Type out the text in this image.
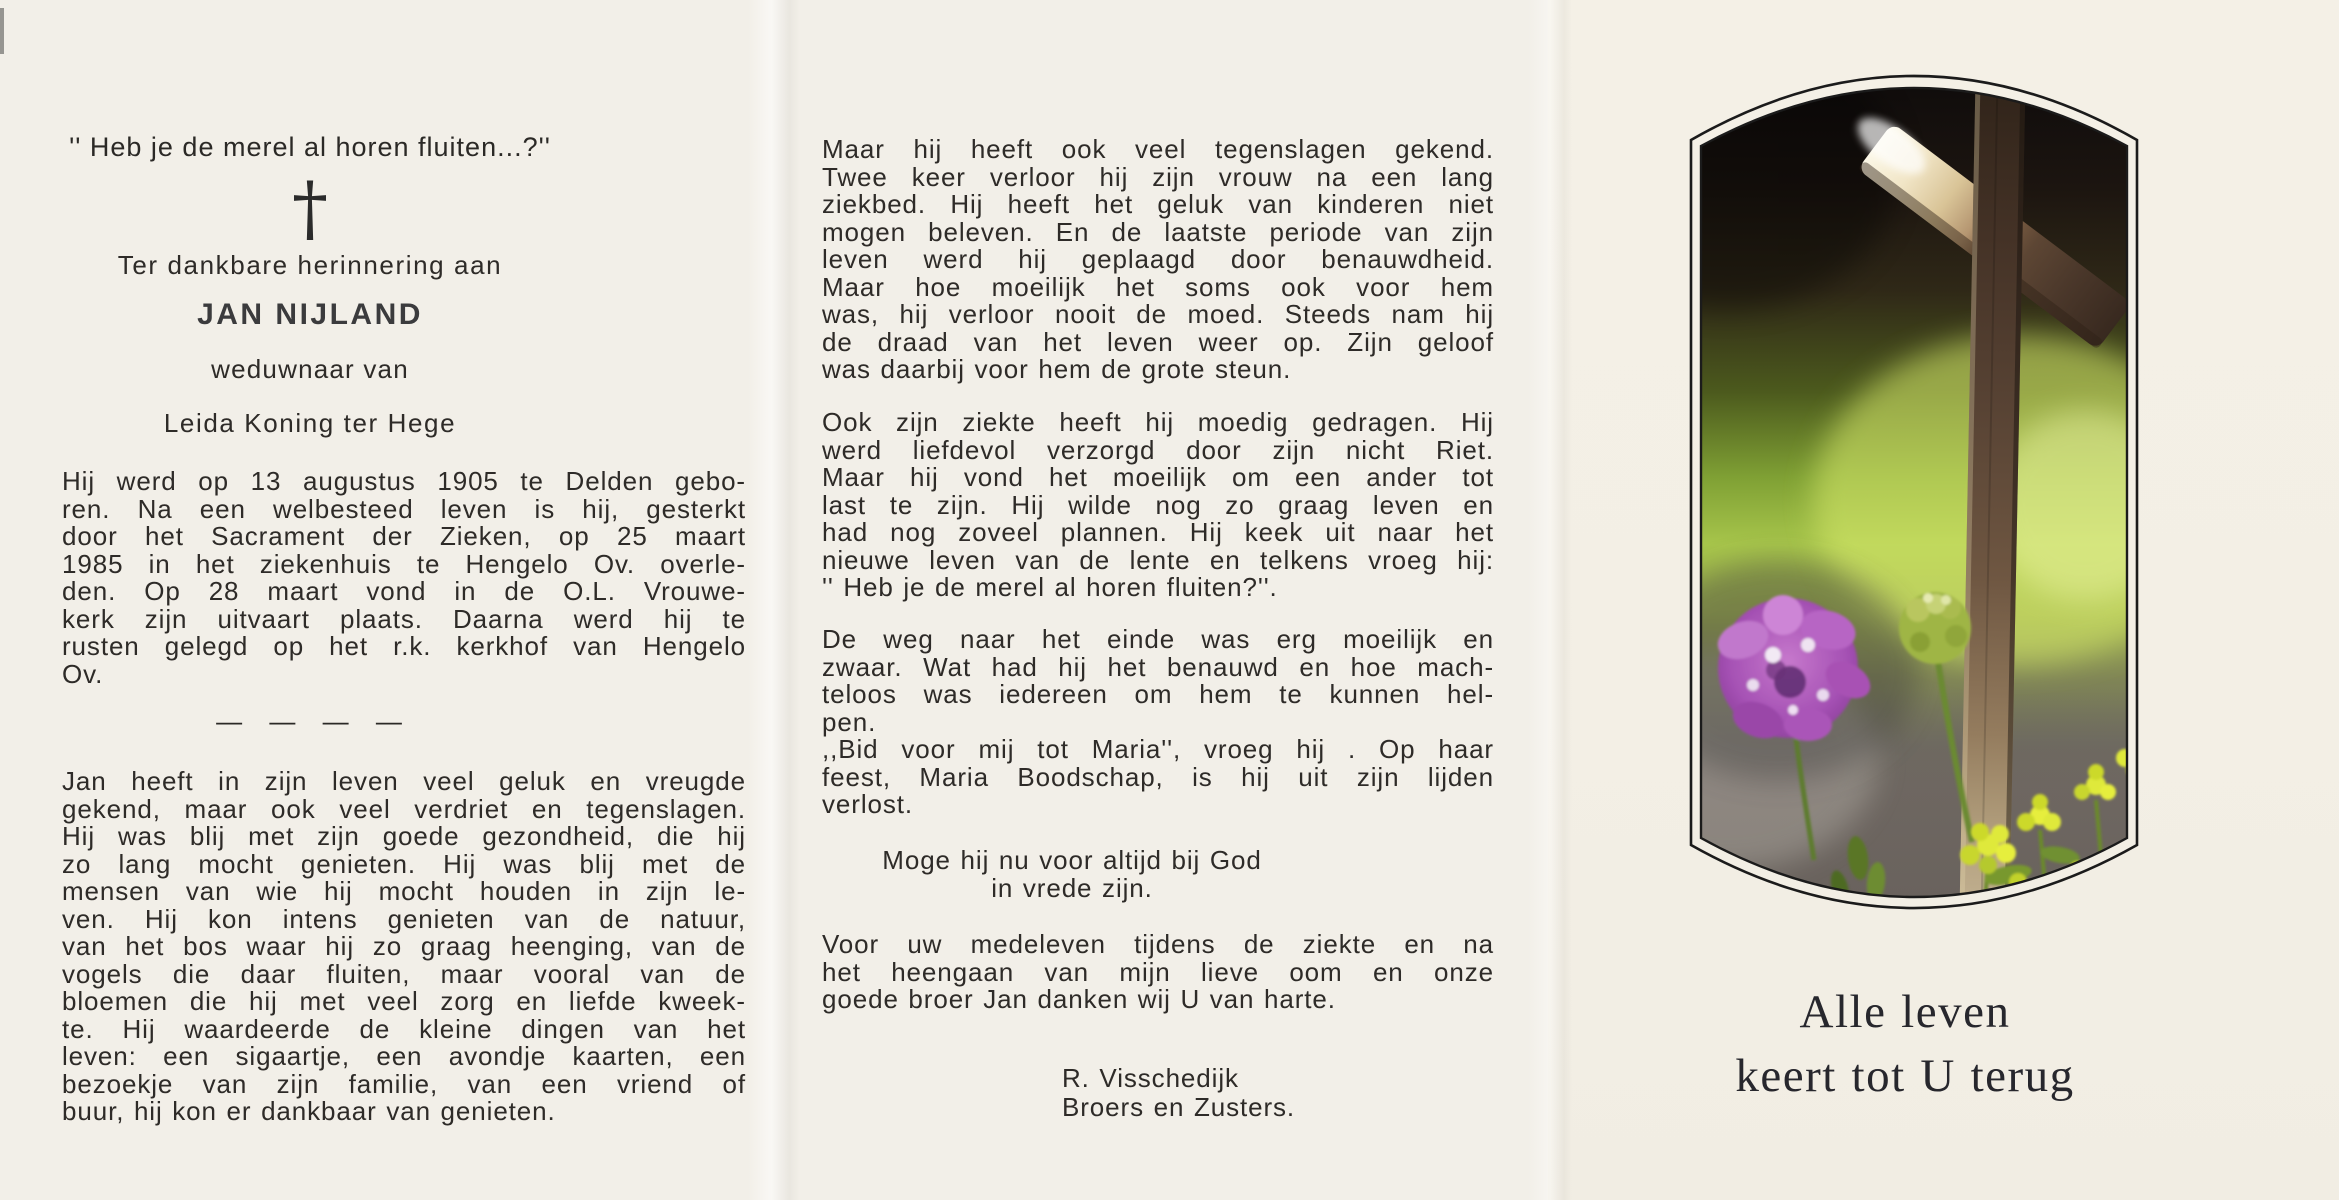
'' Heb je de merel al horen fluiten...?''
†
Ter dankbare herinnering aan
JAN NIJLAND
weduwnaar van
Leida Koning ter Hege
Hij werd op 13 augustus 1905 te Delden gebo-
ren. Na een welbesteed leven is hij, gesterkt
door het Sacrament der Zieken, op 25 maart
1985 in het ziekenhuis te Hengelo Ov. overle-
den. Op 28 maart vond in de O.L. Vrouwe-
kerk zijn uitvaart plaats. Daarna werd hij te
rusten gelegd op het r.k. kerkhof van Hengelo
Ov.
— — — —
Jan heeft in zijn leven veel geluk en vreugde
gekend, maar ook veel verdriet en tegenslagen.
Hij was blij met zijn goede gezondheid, die hij
zo lang mocht genieten. Hij was blij met de
mensen van wie hij mocht houden in zijn le-
ven. Hij kon intens genieten van de natuur,
van het bos waar hij zo graag heenging, van de
vogels die daar fluiten, maar vooral van de
bloemen die hij met veel zorg en liefde kweek-
te. Hij waardeerde de kleine dingen van het
leven: een sigaartje, een avondje kaarten, een
bezoekje van zijn familie, van een vriend of
buur, hij kon er dankbaar van genieten.
Maar hij heeft ook veel tegenslagen gekend.
Twee keer verloor hij zijn vrouw na een lang
ziekbed. Hij heeft het geluk van kinderen niet
mogen beleven. En de laatste periode van zijn
leven werd hij geplaagd door benauwdheid.
Maar hoe moeilijk het soms ook voor hem
was, hij verloor nooit de moed. Steeds nam hij
de draad van het leven weer op. Zijn geloof
was daarbij voor hem de grote steun.
Ook zijn ziekte heeft hij moedig gedragen. Hij
werd liefdevol verzorgd door zijn nicht Riet.
Maar hij vond het moeilijk om een ander tot
last te zijn. Hij wilde nog zo graag leven en
had nog zoveel plannen. Hij keek uit naar het
nieuwe leven van de lente en telkens vroeg hij:
'' Heb je de merel al horen fluiten?''.
De weg naar het einde was erg moeilijk en
zwaar. Wat had hij het benauwd en hoe mach-
teloos was iedereen om hem te kunnen hel-
pen.
,,Bid voor mij tot Maria'', vroeg hij . Op haar
feest, Maria Boodschap, is hij uit zijn lijden
verlost.
Moge hij nu voor altijd bij God
in vrede zijn.
Voor uw medeleven tijdens de ziekte en na
het heengaan van mijn lieve oom en onze
goede broer Jan danken wij U van harte.
R. Visschedijk
Broers en Zusters.
Alle leven
keert tot U terug
